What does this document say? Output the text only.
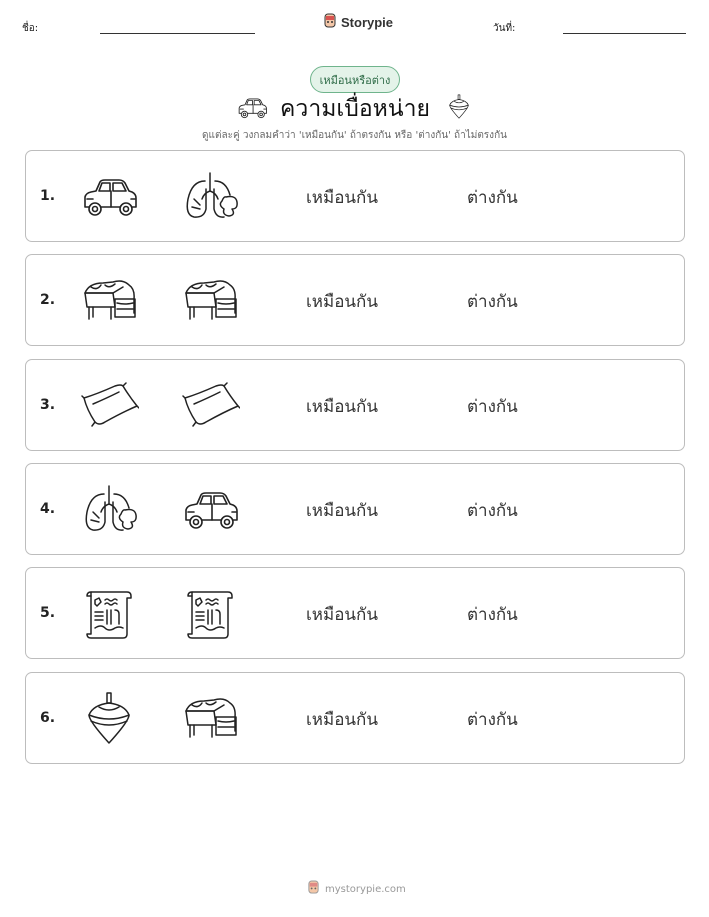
ชื่อ:	Storypie	วันที่:
เหมือนหรือต่าง
ความเบื่อหน่าย
ดูแต่ละคู่ วงกลมคำว่า 'เหมือนกัน' ถ้าตรงกัน หรือ 'ต่างกัน' ถ้าไม่ตรงกัน
1.	เหมือนกัน	ต่างกัน
2.	เหมือนกัน	ต่างกัน
3.	เหมือนกัน	ต่างกัน
4.	เหมือนกัน	ต่างกัน
5.	เหมือนกัน	ต่างกัน
6.	เหมือนกัน	ต่างกัน
mystorypie.com
